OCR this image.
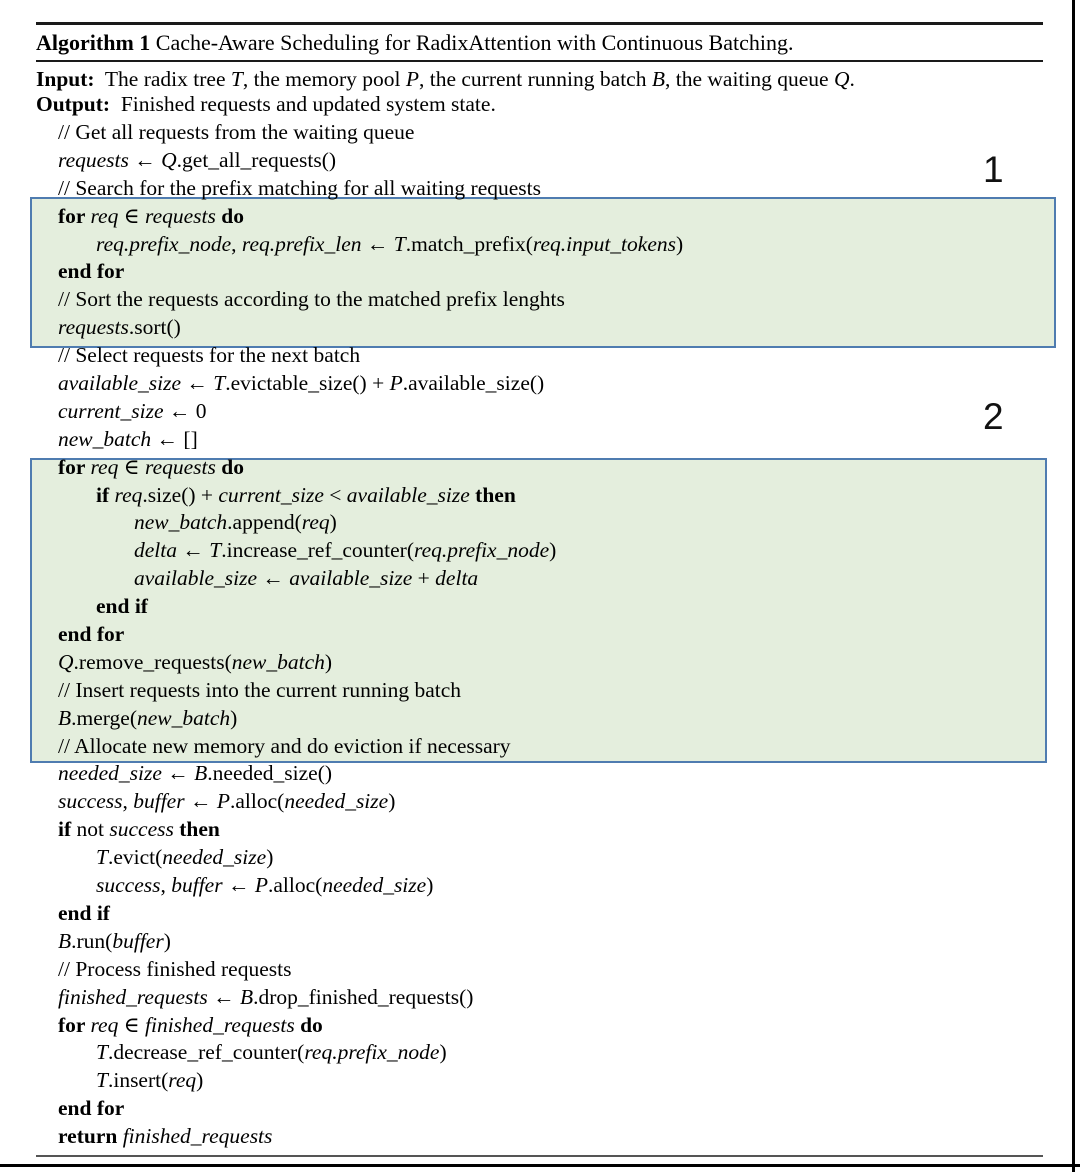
Algorithm 1 Cache-Aware Scheduling for RadixAttention with Continuous Batching.
Input:  The radix tree T, the memory pool P, the current running batch B, the waiting queue Q.
Output:  Finished requests and updated system state.
1
2
// Get all requests from the waiting queue
requests ← Q.get_all_requests()
// Search for the prefix matching for all waiting requests
for req ∈ requests do
req.prefix_node, req.prefix_len ← T.match_prefix(req.input_tokens)
end for
// Sort the requests according to the matched prefix lenghts
requests.sort()
// Select requests for the next batch
available_size ← T.evictable_size() + P.available_size()
current_size ← 0
new_batch ← []
for req ∈ requests do
if req.size() + current_size < available_size then
new_batch.append(req)
delta ← T.increase_ref_counter(req.prefix_node)
available_size ← available_size + delta
end if
end for
Q.remove_requests(new_batch)
// Insert requests into the current running batch
B.merge(new_batch)
// Allocate new memory and do eviction if necessary
needed_size ← B.needed_size()
success, buffer ← P.alloc(needed_size)
if not success then
T.evict(needed_size)
success, buffer ← P.alloc(needed_size)
end if
B.run(buffer)
// Process finished requests
finished_requests ← B.drop_finished_requests()
for req ∈ finished_requests do
T.decrease_ref_counter(req.prefix_node)
T.insert(req)
end for
return finished_requests
